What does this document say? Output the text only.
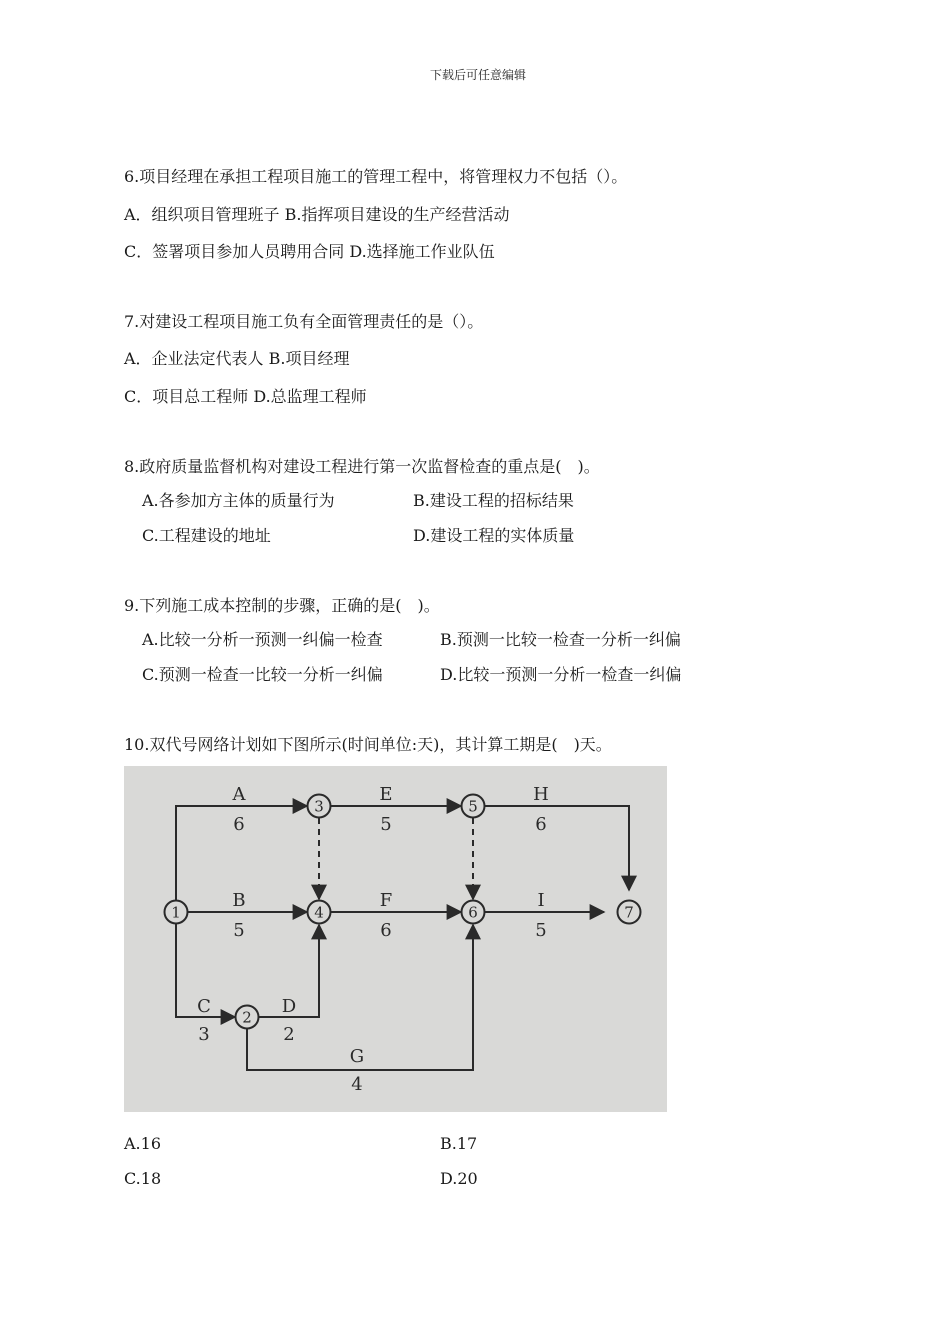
下载后可任意编辑
6.项目经理在承担工程项目施工的管理工程中，将管理权力不包括（）。
A．组织项目管理班子 B.指挥项目建设的生产经营活动
C．签署项目参加人员聘用合同 D.选择施工作业队伍
7.对建设工程项目施工负有全面管理责任的是（）。
A．企业法定代表人 B.项目经理
C．项目总工程师 D.总监理工程师
8.政府质量监督机构对建设工程进行第一次监督检查的重点是(　)。
A.各参加方主体的质量行为	B.建设工程的招标结果
C.工程建设的地址	D.建设工程的实体质量
9.下列施工成本控制的步骤，正确的是(　)。
A.比较一分析一预测一纠偏一检查	B.预测一比较一检查一分析一纠偏
C.预测一检查一比较一分析一纠偏	D.比较一预测一分析一检查一纠偏
10.双代号网络计划如下图所示(时间单位:天)，其计算工期是(　)天。
1
2
3
4
5
6	7
A
6
B
5
C
3
D
2
E
5
F
6
G
4
H
6
I
5
A.16	B.17
C.18	D.20
